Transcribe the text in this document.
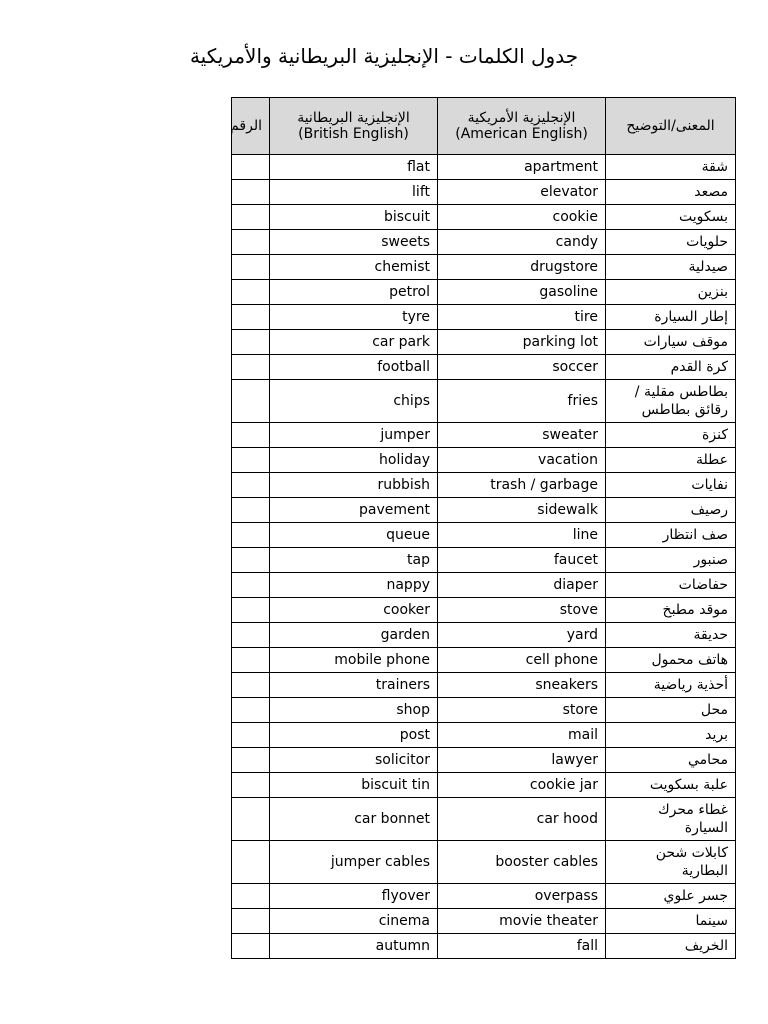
جدول الكلمات - الإنجليزية البريطانية والأمريكية
الرقم	الإنجليزية البريطانية (British English)	الإنجليزية الأمريكية (American English)	المعنى/التوضيح
	flat	apartment	شقة
	lift	elevator	مصعد
	biscuit	cookie	بسكويت
	sweets	candy	حلويات
	chemist	drugstore	صيدلية
	petrol	gasoline	بنزين
	tyre	tire	إطار السيارة
	car park	parking lot	موقف سيارات
	football	soccer	كرة القدم
	chips	fries	بطاطس مقلية / رقائق بطاطس
	jumper	sweater	كنزة
	holiday	vacation	عطلة
	rubbish	trash / garbage	نفايات
	pavement	sidewalk	رصيف
	queue	line	صف انتظار
	tap	faucet	صنبور
	nappy	diaper	حفاضات
	cooker	stove	موقد مطبخ
	garden	yard	حديقة
	mobile phone	cell phone	هاتف محمول
	trainers	sneakers	أحذية رياضية
	shop	store	محل
	post	mail	بريد
	solicitor	lawyer	محامي
	biscuit tin	cookie jar	علبة بسكويت
	car bonnet	car hood	غطاء محرك السيارة
	jumper cables	booster cables	كابلات شحن البطارية
	flyover	overpass	جسر علوي
	cinema	movie theater	سينما
	autumn	fall	الخريف
